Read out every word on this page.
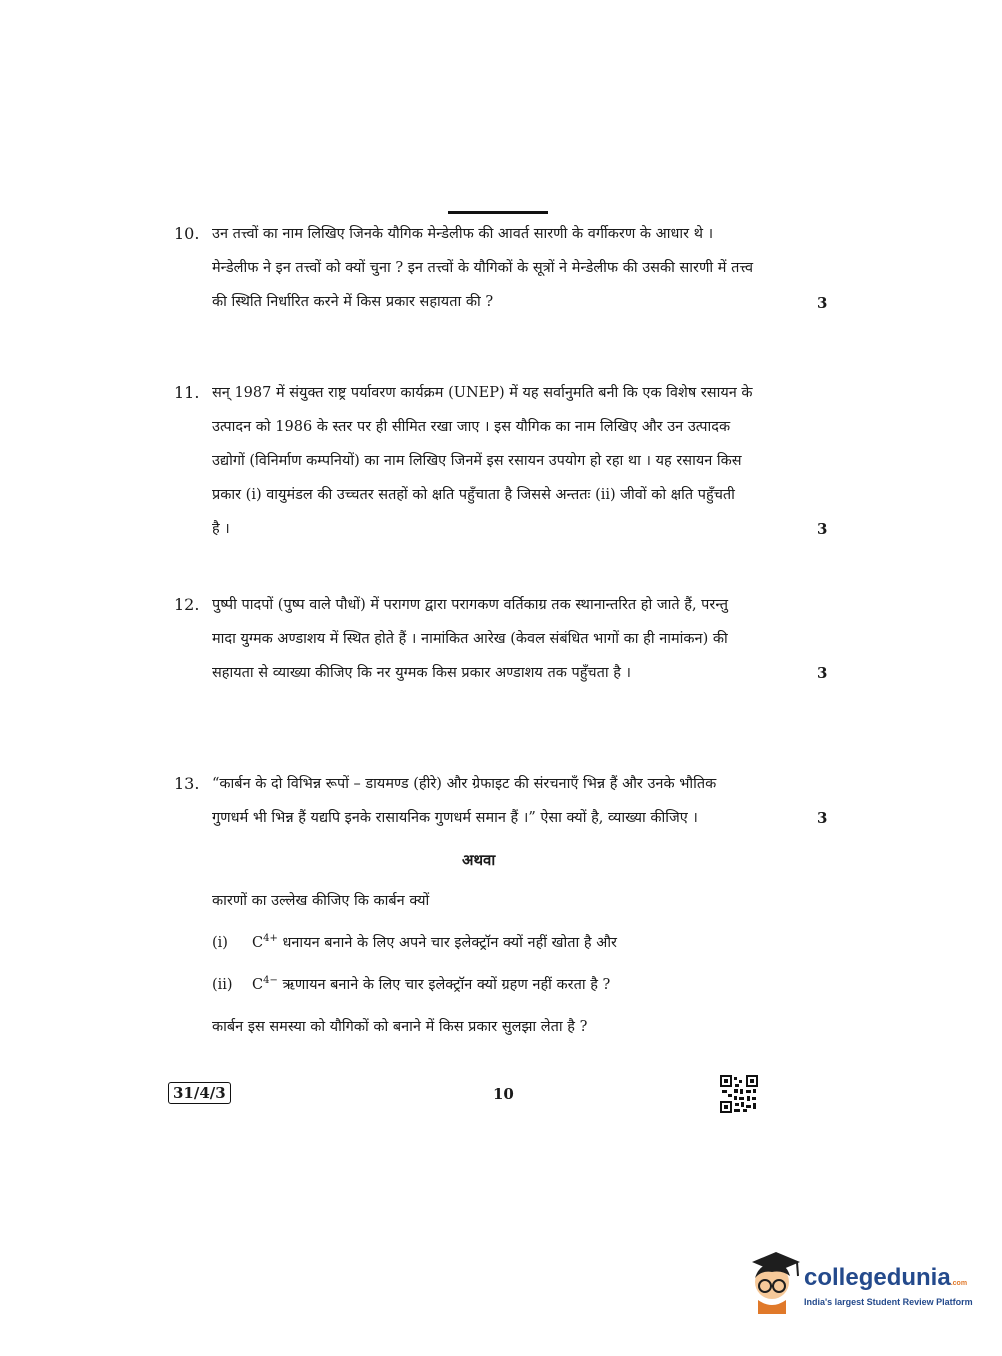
10. उन तत्त्वों का नाम लिखिए जिनके यौगिक मेन्डेलीफ की आवर्त सारणी के वर्गीकरण के आधार थे ।
मेन्डेलीफ ने इन तत्त्वों को क्यों चुना ? इन तत्त्वों के यौगिकों के सूत्रों ने मेन्डेलीफ की उसकी सारणी में तत्त्व
की स्थिति निर्धारित करने में किस प्रकार सहायता की ?	3
11. सन् 1987 में संयुक्त राष्ट्र पर्यावरण कार्यक्रम (UNEP) में यह सर्वानुमति बनी कि एक विशेष रसायन के
उत्पादन को 1986 के स्तर पर ही सीमित रखा जाए । इस यौगिक का नाम लिखिए और उन उत्पादक
उद्योगों (विनिर्माण कम्पनियों) का नाम लिखिए जिनमें इस रसायन उपयोग हो रहा था । यह रसायन किस
प्रकार (i) वायुमंडल की उच्चतर सतहों को क्षति पहुँचाता है जिससे अन्ततः (ii) जीवों को क्षति पहुँचती
है ।	3
12. पुष्पी पादपों (पुष्प वाले पौधों) में परागण द्वारा परागकण वर्तिकाग्र तक स्थानान्तरित हो जाते हैं, परन्तु
मादा युग्मक अण्डाशय में स्थित होते हैं । नामांकित आरेख (केवल संबंधित भागों का ही नामांकन) की
सहायता से व्याख्या कीजिए कि नर युग्मक किस प्रकार अण्डाशय तक पहुँचता है ।	3
13. “कार्बन के दो विभिन्न रूपों – डायमण्ड (हीरे) और ग्रेफाइट की संरचनाएँ भिन्न हैं और उनके भौतिक
गुणधर्म भी भिन्न हैं यद्यपि इनके रासायनिक गुणधर्म समान हैं ।” ऐसा क्यों है, व्याख्या कीजिए ।	3
अथवा
कारणों का उल्लेख कीजिए कि कार्बन क्यों
(i) $C^{4+}$ धनायन बनाने के लिए अपने चार इलेक्ट्रॉन क्यों नहीं खोता है और
(ii) $C^{4-}$ ऋणायन बनाने के लिए चार इलेक्ट्रॉन क्यों ग्रहण नहीं करता है ?
कार्बन इस समस्या को यौगिकों को बनाने में किस प्रकार सुलझा लेता है ?
31/4/3	10
collegedunia.com
India's largest Student Review Platform
